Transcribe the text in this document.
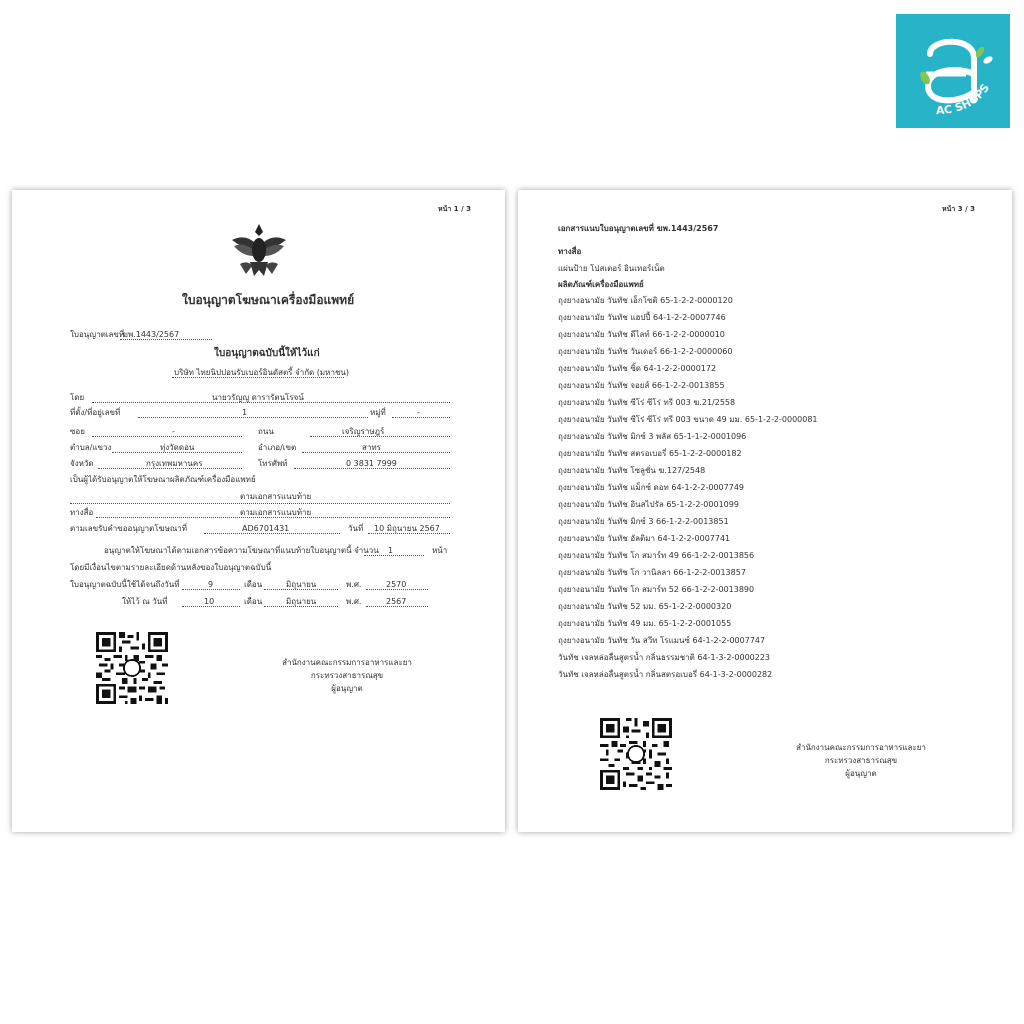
AC SHOPS
หน้า 1 / 3
ใบอนุญาตโฆษณาเครื่องมือแพทย์
ใบอนุญาตเลขที่
ฆพ.1443/2567
ใบอนุญาตฉบับนี้ให้ไว้แก่
บริษัท ไทยนิปปอนรับเบอร์อินดัสตรี้ จำกัด (มหาชน)
โดย	นายวรัญญู ดารารัตนโรจน์
ที่ตั้ง/ที่อยู่เลขที่	1	หมู่ที่	-
ซอย	-	ถนน	เจริญราษฎร์
ตำบล/แขวง	ทุ่งวัดดอน	อำเภอ/เขต	สาทร
จังหวัด	กรุงเทพมหานคร	โทรศัพท์	0 3831 7999
เป็นผู้ได้รับอนุญาตให้โฆษณาผลิตภัณฑ์เครื่องมือแพทย์
ตามเอกสารแนบท้าย
ทางสื่อ	ตามเอกสารแนบท้าย
ตามเลขรับคำขออนุญาตโฆษณาที่	AD6701431	วันที่ 10 มิถุนายน 2567
อนุญาตให้โฆษณาได้ตามเอกสารข้อความโฆษณาที่แนบท้ายใบอนุญาตนี้ จำนวน 1	หน้า
โดยมีเงื่อนไขตามรายละเอียดด้านหลังของใบอนุญาตฉบับนี้
ใบอนุญาตฉบับนี้ใช้ได้จนถึงวันที่	9	เดือน	มิถุนายน	พ.ศ.	2570
ให้ไว้ ณ วันที่	10	เดือน	มิถุนายน	พ.ศ.	2567
สำนักงานคณะกรรมการอาหารและยา
กระทรวงสาธารณสุข
ผู้อนุญาต
หน้า 3 / 3
เอกสารแนบใบอนุญาตเลขที่ ฆพ.1443/2567
ทางสื่อ
แผ่นป้าย โปสเตอร์ อินเทอร์เน็ต
ผลิตภัณฑ์เครื่องมือแพทย์
ถุงยางอนามัย วันทัช เอ็กโซติ 65-1-2-2-0000120
ถุงยางอนามัย วันทัช แฮปปี้ 64-1-2-2-0007746
ถุงยางอนามัย วันทัช ดีไลท์ 66-1-2-2-0000010
ถุงยางอนามัย วันทัช วันเดอร์ 66-1-2-2-0000060
ถุงยางอนามัย วันทัช ซิ้ด 64-1-2-2-0000172
ถุงยางอนามัย วันทัช จอยส์ 66-1-2-2-0013855
ถุงยางอนามัย วันทัช ซีโร่ ซีโร่ ทรี 003 ฆ.21/2558
ถุงยางอนามัย วันทัช ซีโร่ ซีโร่ ทรี 003 ขนาด 49 มม. 65-1-2-2-0000081
ถุงยางอนามัย วันทัช มิกซ์ 3 พลัส 65-1-1-2-0001096
ถุงยางอนามัย วันทัช สตรอเบอรี่ 65-1-2-2-0000182
ถุงยางอนามัย วันทัช โซลูชั่น ฆ.127/2548
ถุงยางอนามัย วันทัช แม็กซ์ ดอท 64-1-2-2-0007749
ถุงยางอนามัย วันทัช อินสไปรัล 65-1-2-2-0001099
ถุงยางอนามัย วันทัช มิกซ์ 3 66-1-2-2-0013851
ถุงยางอนามัย วันทัช อัลติมา 64-1-2-2-0007741
ถุงยางอนามัย วันทัช โก สมาร์ท 49 66-1-2-2-0013856
ถุงยางอนามัย วันทัช โก วานิลลา 66-1-2-2-0013857
ถุงยางอนามัย วันทัช โก สมาร์ท 52 66-1-2-2-0013890
ถุงยางอนามัย วันทัช 52 มม. 65-1-2-2-0000320
ถุงยางอนามัย วันทัช 49 มม. 65-1-2-2-0001055
ถุงยางอนามัย วันทัช วัน สวีท โรแมนซ์ 64-1-2-2-0007747
วันทัช เจลหล่อลื่นสูตรน้ำ กลิ่นธรรมชาติ 64-1-3-2-0000223
วันทัช เจลหล่อลื่นสูตรน้ำ กลิ่นสตรอเบอรี่ 64-1-3-2-0000282
สำนักงานคณะกรรมการอาหารและยา
กระทรวงสาธารณสุข
ผู้อนุญาต
